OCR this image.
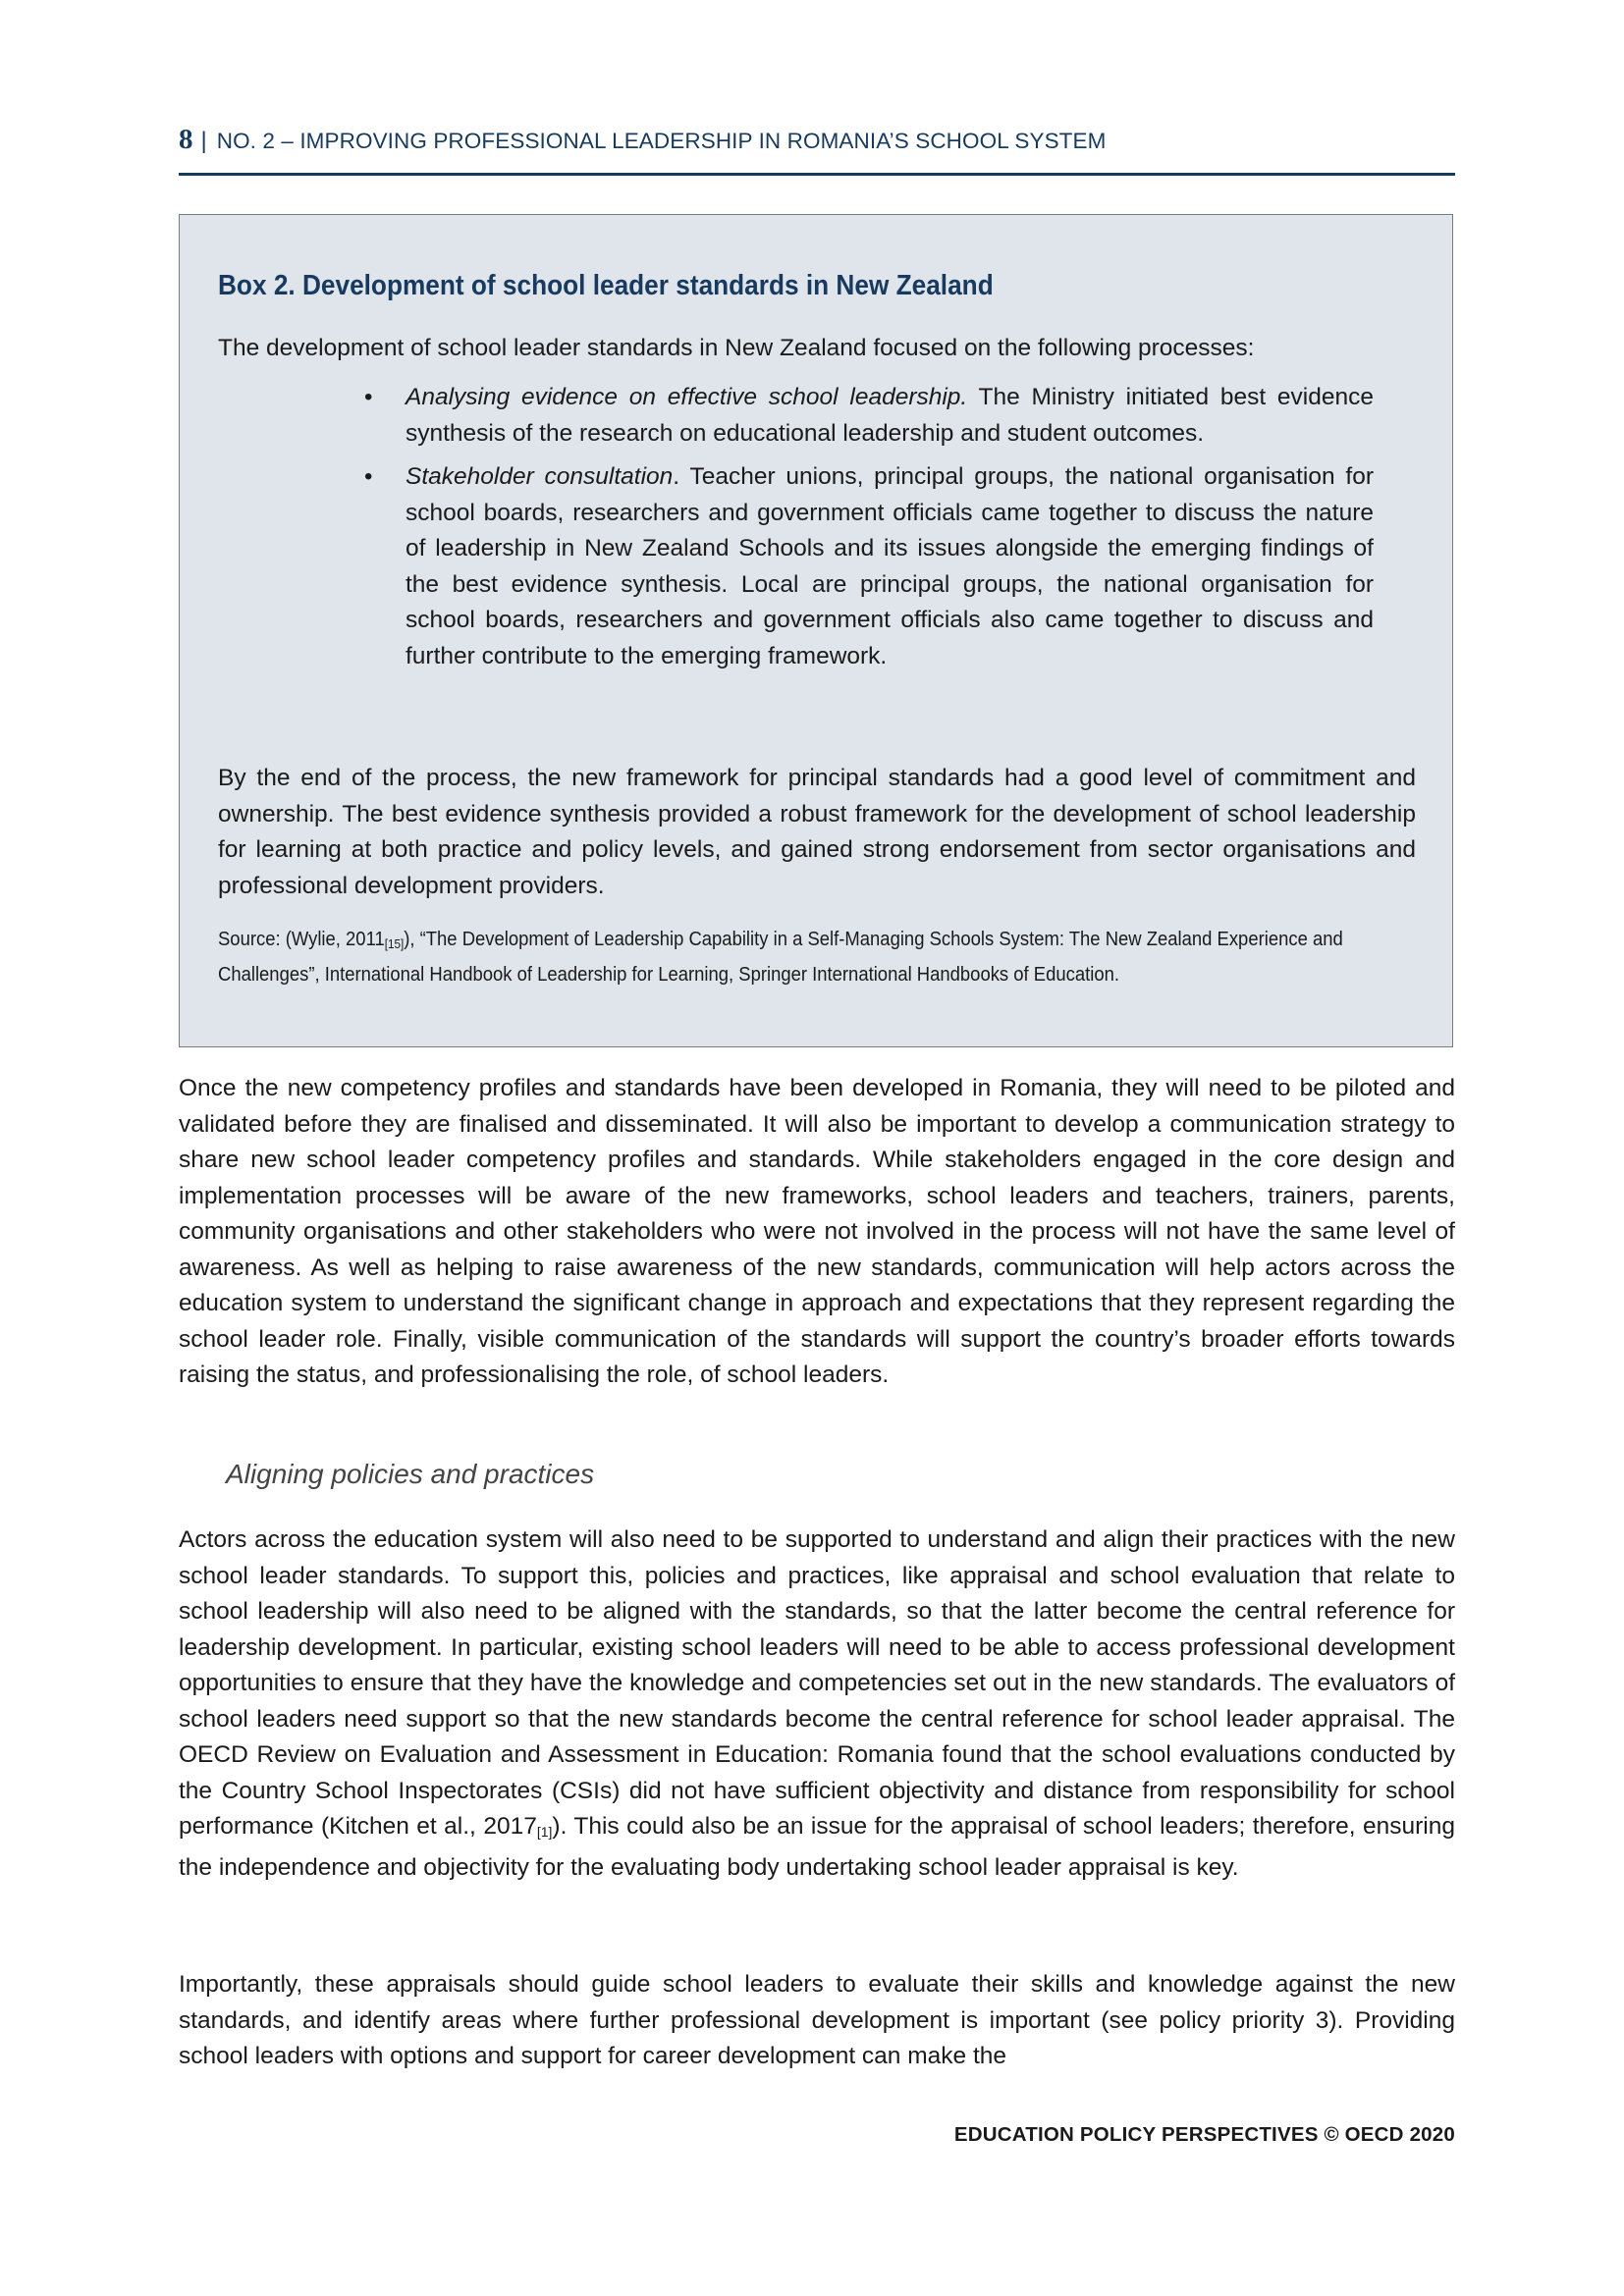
8 | NO. 2 – IMPROVING PROFESSIONAL LEADERSHIP IN ROMANIA’S SCHOOL SYSTEM
Box 2. Development of school leader standards in New Zealand
The development of school leader standards in New Zealand focused on the following processes:
• Analysing evidence on effective school leadership. The Ministry initiated best evidence synthesis of the research on educational leadership and student outcomes.
• Stakeholder consultation. Teacher unions, principal groups, the national organisation for school boards, researchers and government officials came together to discuss the nature of leadership in New Zealand Schools and its issues alongside the emerging findings of the best evidence synthesis. Local are principal groups, the national organisation for school boards, researchers and government officials also came together to discuss and further contribute to the emerging framework.
By the end of the process, the new framework for principal standards had a good level of commitment and ownership. The best evidence synthesis provided a robust framework for the development of school leadership for learning at both practice and policy levels, and gained strong endorsement from sector organisations and professional development providers.
Source: (Wylie, $2011_{[15]}$), “The Development of Leadership Capability in a Self-Managing Schools System: The New Zealand Experience and Challenges”, International Handbook of Leadership for Learning, Springer International Handbooks of Education.

Once the new competency profiles and standards have been developed in Romania, they will need to be piloted and validated before they are finalised and disseminated. It will also be important to develop a communication strategy to share new school leader competency profiles and standards. While stakeholders engaged in the core design and implementation processes will be aware of the new frameworks, school leaders and teachers, trainers, parents, community organisations and other stakeholders who were not involved in the process will not have the same level of awareness. As well as helping to raise awareness of the new standards, communication will help actors across the education system to understand the significant change in approach and expectations that they represent regarding the school leader role. Finally, visible communication of the standards will support the country’s broader efforts towards raising the status, and professionalising the role, of school leaders.

Aligning policies and practices

Actors across the education system will also need to be supported to understand and align their practices with the new school leader standards. To support this, policies and practices, like appraisal and school evaluation that relate to school leadership will also need to be aligned with the standards, so that the latter become the central reference for leadership development. In particular, existing school leaders will need to be able to access professional development opportunities to ensure that they have the knowledge and competencies set out in the new standards. The evaluators of school leaders need support so that the new standards become the central reference for school leader appraisal. The OECD Review on Evaluation and Assessment in Education: Romania found that the school evaluations conducted by the Country School Inspectorates (CSIs) did not have sufficient objectivity and distance from responsibility for school performance (Kitchen et al., $2017_{[1]}$). This could also be an issue for the appraisal of school leaders; therefore, ensuring the independence and objectivity for the evaluating body undertaking school leader appraisal is key.

Importantly, these appraisals should guide school leaders to evaluate their skills and knowledge against the new standards, and identify areas where further professional development is important (see policy priority 3). Providing school leaders with options and support for career development can make the

EDUCATION POLICY PERSPECTIVES © OECD 2020
